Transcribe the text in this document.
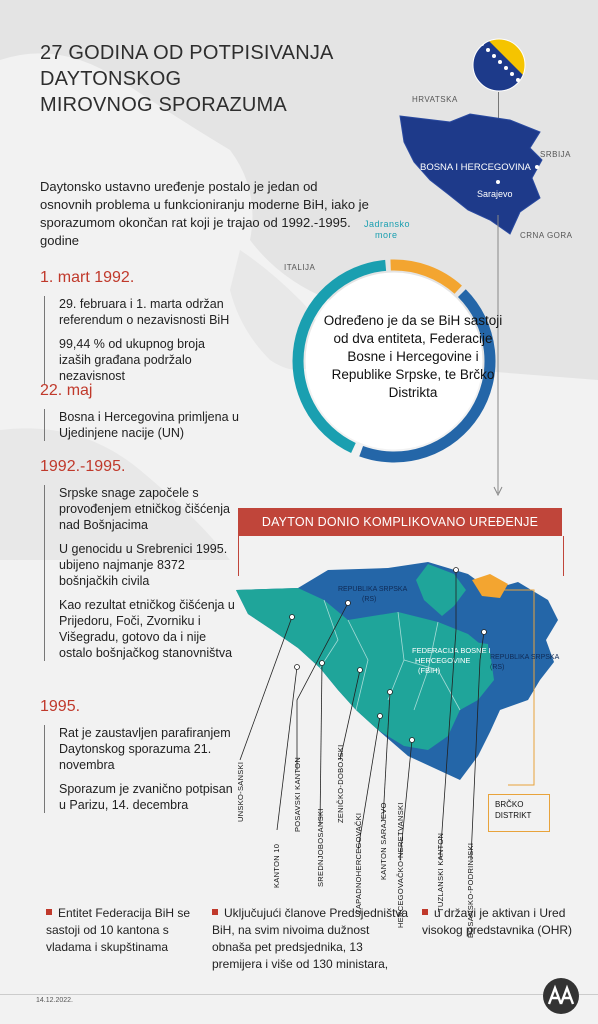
27 GODINA OD POTPISIVANJA
DAYTONSKOG
MIROVNOG SPORAZUMA	HRVATSKA
SRBIJA
CRNA GORA
ITALIJA
BOSNA I HERCEGOVINA
Sarajevo
Jadransko
more
Daytonsko ustavno uređenje postalo je jedan od osnovnih problema u funkcioniranju moderne BiH, iako je sporazumom okončan rat koji je trajao od 1992.-1995. godine
1. mart 1992.

29. februara i 1. marta održan referendum o nezavisnosti BiH

99,44 % od ukupnog broja izaših građana podržalo nezavisnost

22. maj

Bosna i Hercegovina primljena u Ujedinjene nacije (UN)

1992.-1995.

Srpske snage započele s provođenjem etničkog čišćenja nad Bošnjacima

U genocidu u Srebrenici 1995. ubijeno najmanje 8372 bošnjačkih civila

Kao rezultat etničkog čišćenja u Prijedoru, Foči, Zvorniku i Višegradu, gotovo da i nije ostalo bošnjačkog stanovništva

1995.

Rat je zaustavljen parafiranjem Daytonskog sporazuma 21. novembra

Sporazum je zvanično potpisan u Parizu, 14. decembra

Određeno je da se BiH sastoji od dva entiteta, Federacije Bosne i Hercegovine i Republike Srpske, te Brčko Distrikta
DAYTON DONIO KOMPLIKOVANO UREĐENJE
REPUBLIKA SRPSKA
(RS)
FEDERACIJA BOSNE I
HERCEGOVINE
(FBIH)
REPUBLIKA SRPSKA
(RS)
UNSKO-SANSKI
KANTON 10
POSAVSKI KANTON
SREDNJOBOSANSKI
ZENIČKO-DOBOJSKI
ZAPADNOHERCEGOVAČKI KANTON SARAJEVO HERCEGOVAČKO-NERETVANSKI	TUZLANSKI KANTON	BOSANSKO-PODRINJSKI
BRČKO
DISTRIKT
Entitet Federacija BiH se sastoji od 10 kantona s vladama i skupštinama
Uključujući članove Predsjedništva BiH, na svim nivoima dužnost obnaša pet predsjednika, 13 premijera i više od 130 ministara,
u državi je aktivan i Ured visokog predstavnika (OHR)
14.12.2022.
